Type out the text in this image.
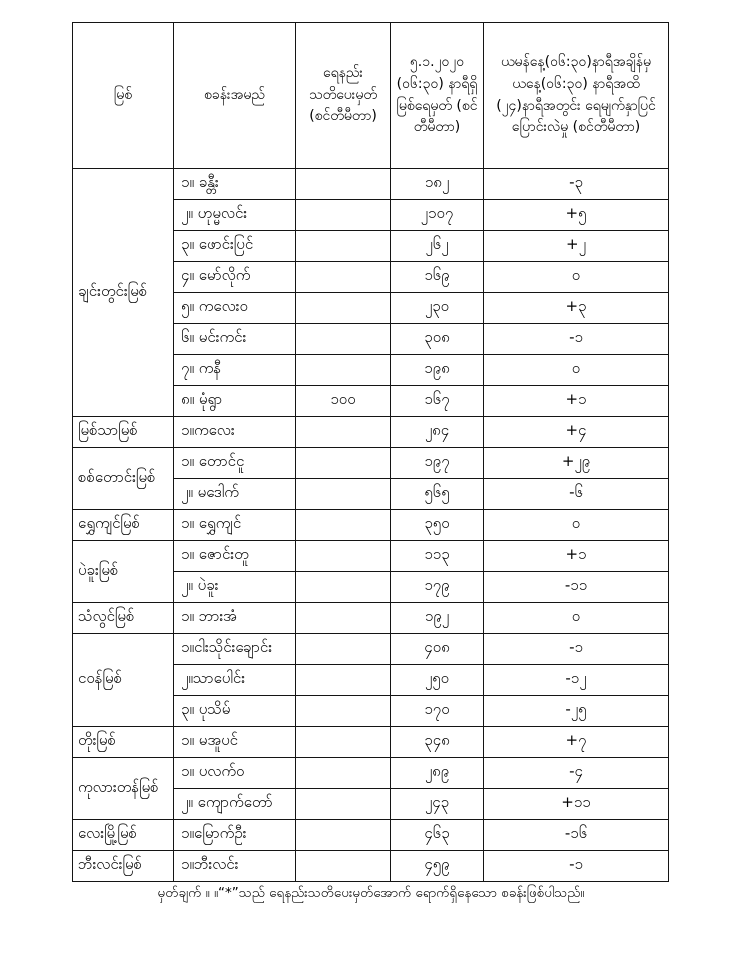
မြစ်	စခန်းအမည်	ရေနည်း သတိပေးမှတ် (စင်တီမီတာ)	၅.၁.၂၀၂၀ (၀၆:၃၀) နာရီရှိ မြစ်ရေမှတ် (စင်တီမီတာ)	ယမန်နေ့(၀၆:၃၀)နာရီအချိန်မှ ယနေ့(၀၆:၃၀) နာရီအထိ (၂၄)နာရီအတွင်း ရေမျက်နှာပြင်ပြောင်းလဲမှု (စင်တီမီတာ)
ချင်းတွင်းမြစ်	၁။ ခန္တီး		၁၈၂	-၃
	၂။ ဟုမ္မလင်း		၂၁၀၇	+၅
	၃။ ဖောင်းပြင်		၂၆၂	+၂
	၄။ မော်လိုက်		၁၆၉	၀
	၅။ ကလေးဝ		၂၃၀	+၃
	၆။ မင်းကင်း		၃၀၈	-၁
	၇။ ကနီ		၁၉၈	၀
	၈။ မုံရွာ	၁၀၀	၁၆၇	+၁
မြစ်သာမြစ်	၁။ကလေး		၂၈၄	+၄
စစ်တောင်းမြစ်	၁။ တောင်ငူ		၁၉၇	+၂၉
	၂။ မဒေါက်		၅၆၅	-၆
ရွှေကျင်မြစ်	၁။ ရွှေကျင်		၃၅၀	၀
ပဲခူးမြစ်	၁။ ဇောင်းတူ		၁၁၃	+၁
	၂။ ပဲခူး		၁၇၉	-၁၁
သံလွင်မြစ်	၁။ ဘားအံ		၁၉၂	၀
ငဝန်မြစ်	၁။ငါးသိုင်းချောင်း		၄၀၈	-၁
	၂။သာပေါင်း		၂၅၀	-၁၂
	၃။ ပုသိမ်		၁၇၀	-၂၅
တိုးမြစ်	၁။ မအူပင်		၃၄၈	+၇
ကုလားတန်မြစ်	၁။ ပလက်ဝ		၂၈၉	-၄
	၂။ ကျောက်တော်		၂၄၃	+၁၁
လေးမြို့မြစ်	၁။မြောက်ဦး		၄၆၃	-၁၆
ဘီးလင်းမြစ်	၁။ဘီးလင်း		၄၅၉	-၁
မှတ်ချက် ။ ။“*”သည် ရေနည်းသတိပေးမှတ်အောက် ရောက်ရှိနေသော စခန်းဖြစ်ပါသည်။
